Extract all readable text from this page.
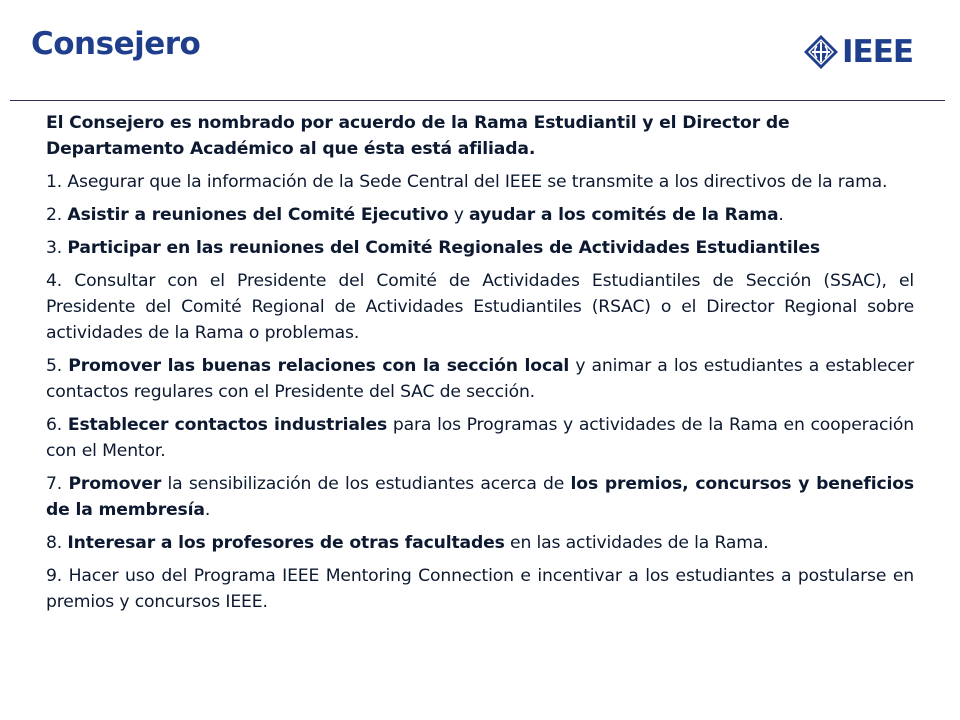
Consejero	IEEE

El Consejero es nombrado por acuerdo de la Rama Estudiantil y el Director de Departamento Académico al que ésta está afiliada.

1. Asegurar que la información de la Sede Central del IEEE se transmite a los directivos de la rama.

2. Asistir a reuniones del Comité Ejecutivo y ayudar a los comités de la Rama.

3. Participar en las reuniones del Comité Regionales de Actividades Estudiantiles

4. Consultar con el Presidente del Comité de Actividades Estudiantiles de Sección (SSAC), el Presidente del Comité Regional de Actividades Estudiantiles (RSAC) o el Director Regional sobre actividades de la Rama o problemas.

5. Promover las buenas relaciones con la sección local y animar a los estudiantes a establecer contactos regulares con el Presidente del SAC de sección.

6. Establecer contactos industriales para los Programas y actividades de la Rama en cooperación con el Mentor.

7. Promover la sensibilización de los estudiantes acerca de los premios, concursos y beneficios de la membresía.

8. Interesar a los profesores de otras facultades en las actividades de la Rama.

9. Hacer uso del Programa IEEE Mentoring Connection e incentivar a los estudiantes a postularse en premios y concursos IEEE.
